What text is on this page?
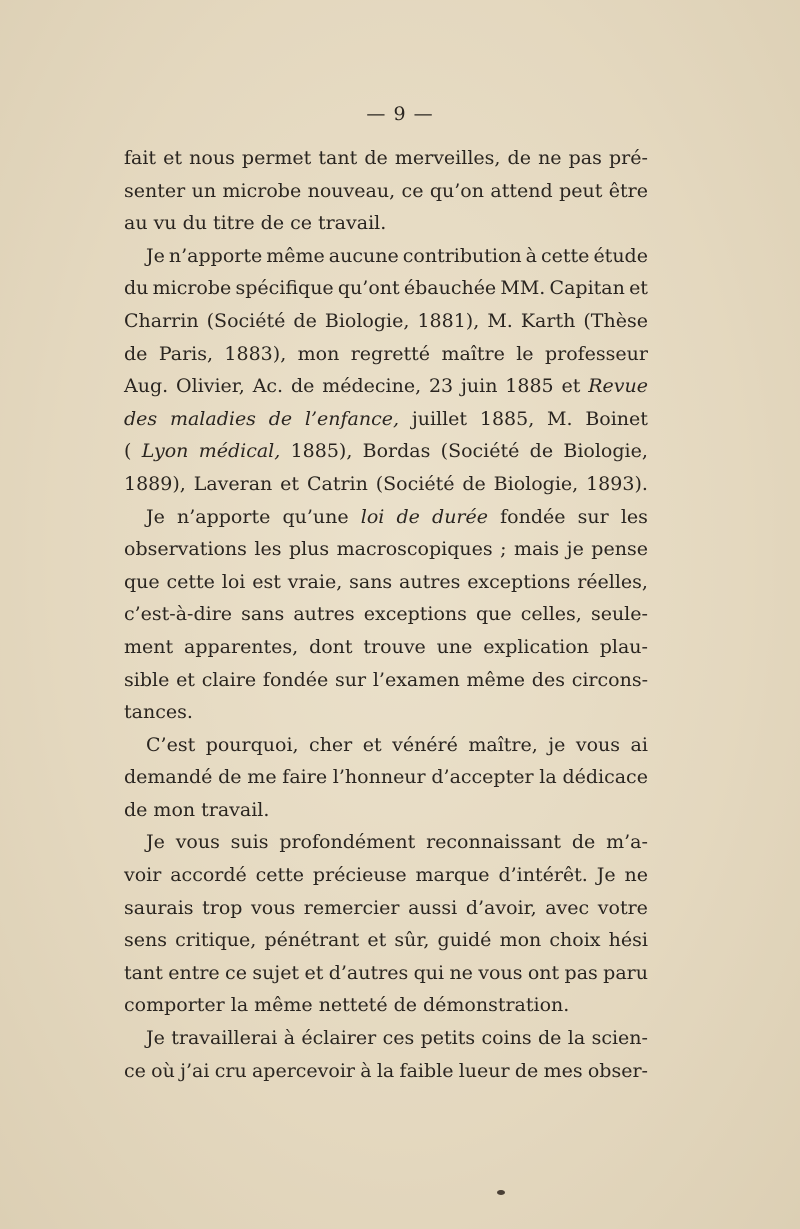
— 9 —
fait et nous permet tant de merveilles, de ne pas pré-
senter un microbe nouveau, ce qu’on attend peut être
au vu du titre de ce travail.
Je n’apporte même aucune contribution à cette étude
du microbe spécifique qu’ont ébauchée MM. Capitan et
Charrin (Société de Biologie, 1881), M. Karth (Thèse
de Paris, 1883), mon regretté maître le professeur
Aug. Olivier, Ac. de médecine, 23 juin 1885 et Revue
des maladies de l’enfance, juillet 1885, M. Boinet
( Lyon médical, 1885), Bordas (Société de Biologie,
1889), Laveran et Catrin (Société de Biologie, 1893).
Je n’apporte qu’une loi de durée fondée sur les
observations les plus macroscopiques ; mais je pense
que cette loi est vraie, sans autres exceptions réelles,
c’est-à-dire sans autres exceptions que celles, seule-
ment apparentes, dont trouve une explication plau-
sible et claire fondée sur l’examen même des circons-
tances.
C’est pourquoi, cher et vénéré maître, je vous ai
demandé de me faire l’honneur d’accepter la dédicace
de mon travail.
Je vous suis profondément reconnaissant de m’a-
voir accordé cette précieuse marque d’intérêt. Je ne
saurais trop vous remercier aussi d’avoir, avec votre
sens critique, pénétrant et sûr, guidé mon choix hési
tant entre ce sujet et d’autres qui ne vous ont pas paru
comporter la même netteté de démonstration.
Je travaillerai à éclairer ces petits coins de la scien-
ce où j’ai cru apercevoir à la faible lueur de mes obser-
